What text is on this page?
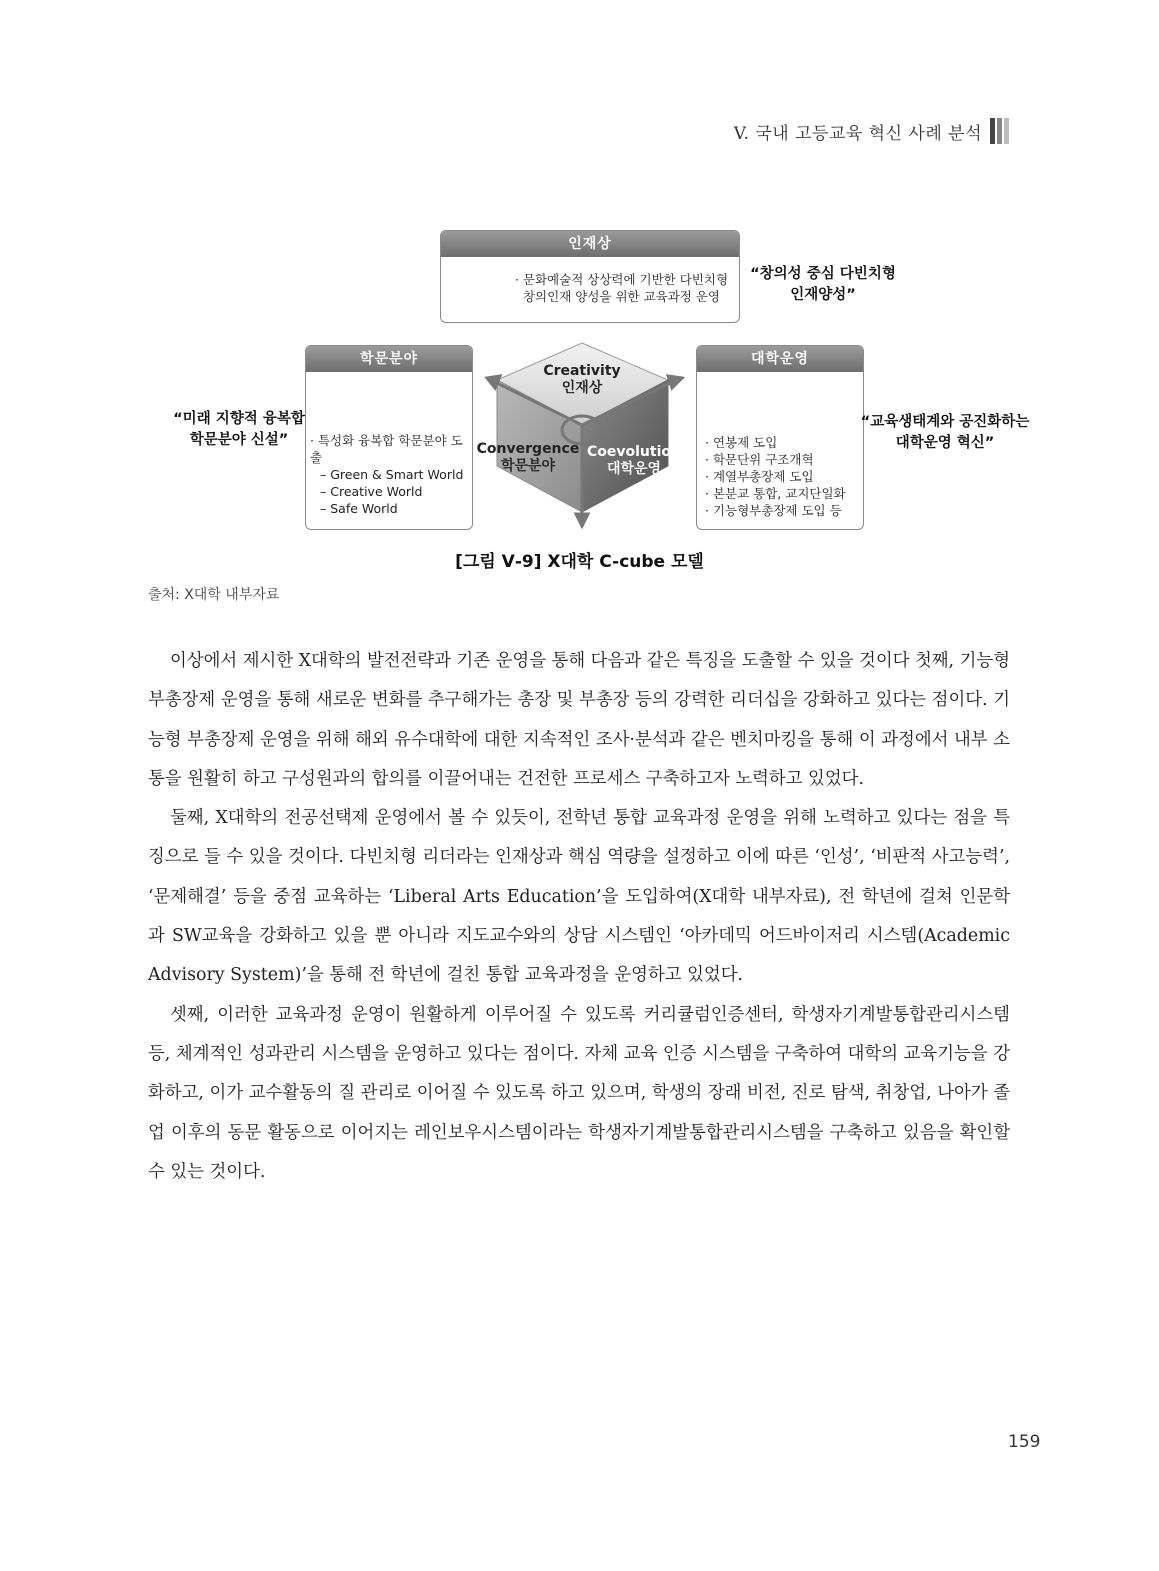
V. 국내 고등교육 혁신 사례 분석
인재상
· 문화예술적 상상력에 기반한 다빈치형
창의인재 양성을 위한 교육과정 운영
“창의성 중심 다빈치형
인재양성”
학문분야
· 특성화 융복합 학문분야 도출
– Green & Smart World
– Creative World
– Safe World
“미래 지향적 융복합
학문분야 신설”
대학운영
· 연봉제 도입
· 학문단위 구조개혁
· 계열부총장제 도입
· 본분교 통합, 교지단일화
· 기능형부총장제 도입 등
“교육생태계와 공진화하는
대학운영 혁신”
Creativity
인재상
Convergence
학문분야
Coevolution
대학운영
[그림 Ⅴ-9] X대학 C-cube 모델
출처: X대학 내부자료

이상에서 제시한 X대학의 발전전략과 기존 운영을 통해 다음과 같은 특징을 도출할 수 있을 것이다 첫째, 기능형 부총장제 운영을 통해 새로운 변화를 추구해가는 총장 및 부총장 등의 강력한 리더십을 강화하고 있다는 점이다. 기능형 부총장제 운영을 위해 해외 유수대학에 대한 지속적인 조사·분석과 같은 벤치마킹을 통해 이 과정에서 내부 소통을 원활히 하고 구성원과의 합의를 이끌어내는 건전한 프로세스 구축하고자 노력하고 있었다.

둘째, X대학의 전공선택제 운영에서 볼 수 있듯이, 전학년 통합 교육과정 운영을 위해 노력하고 있다는 점을 특징으로 들 수 있을 것이다. 다빈치형 리더라는 인재상과 핵심 역량을 설정하고 이에 따른 ‘인성’, ‘비판적 사고능력’, ‘문제해결’ 등을 중점 교육하는 ‘Liberal Arts Education’을 도입하여(X대학 내부자료), 전 학년에 걸쳐 인문학과 SW교육을 강화하고 있을 뿐 아니라 지도교수와의 상담 시스템인 ‘아카데믹 어드바이저리 시스템(Academic Advisory System)’을 통해 전 학년에 걸친 통합 교육과정을 운영하고 있었다.

셋째, 이러한 교육과정 운영이 원활하게 이루어질 수 있도록 커리큘럼인증센터, 학생자기계발통합관리시스템 등, 체계적인 성과관리 시스템을 운영하고 있다는 점이다. 자체 교육 인증 시스템을 구축하여 대학의 교육기능을 강화하고, 이가 교수활동의 질 관리로 이어질 수 있도록 하고 있으며, 학생의 장래 비전, 진로 탐색, 취창업, 나아가 졸업 이후의 동문 활동으로 이어지는 레인보우시스템이라는 학생자기계발통합관리시스템을 구축하고 있음을 확인할 수 있는 것이다.

159
